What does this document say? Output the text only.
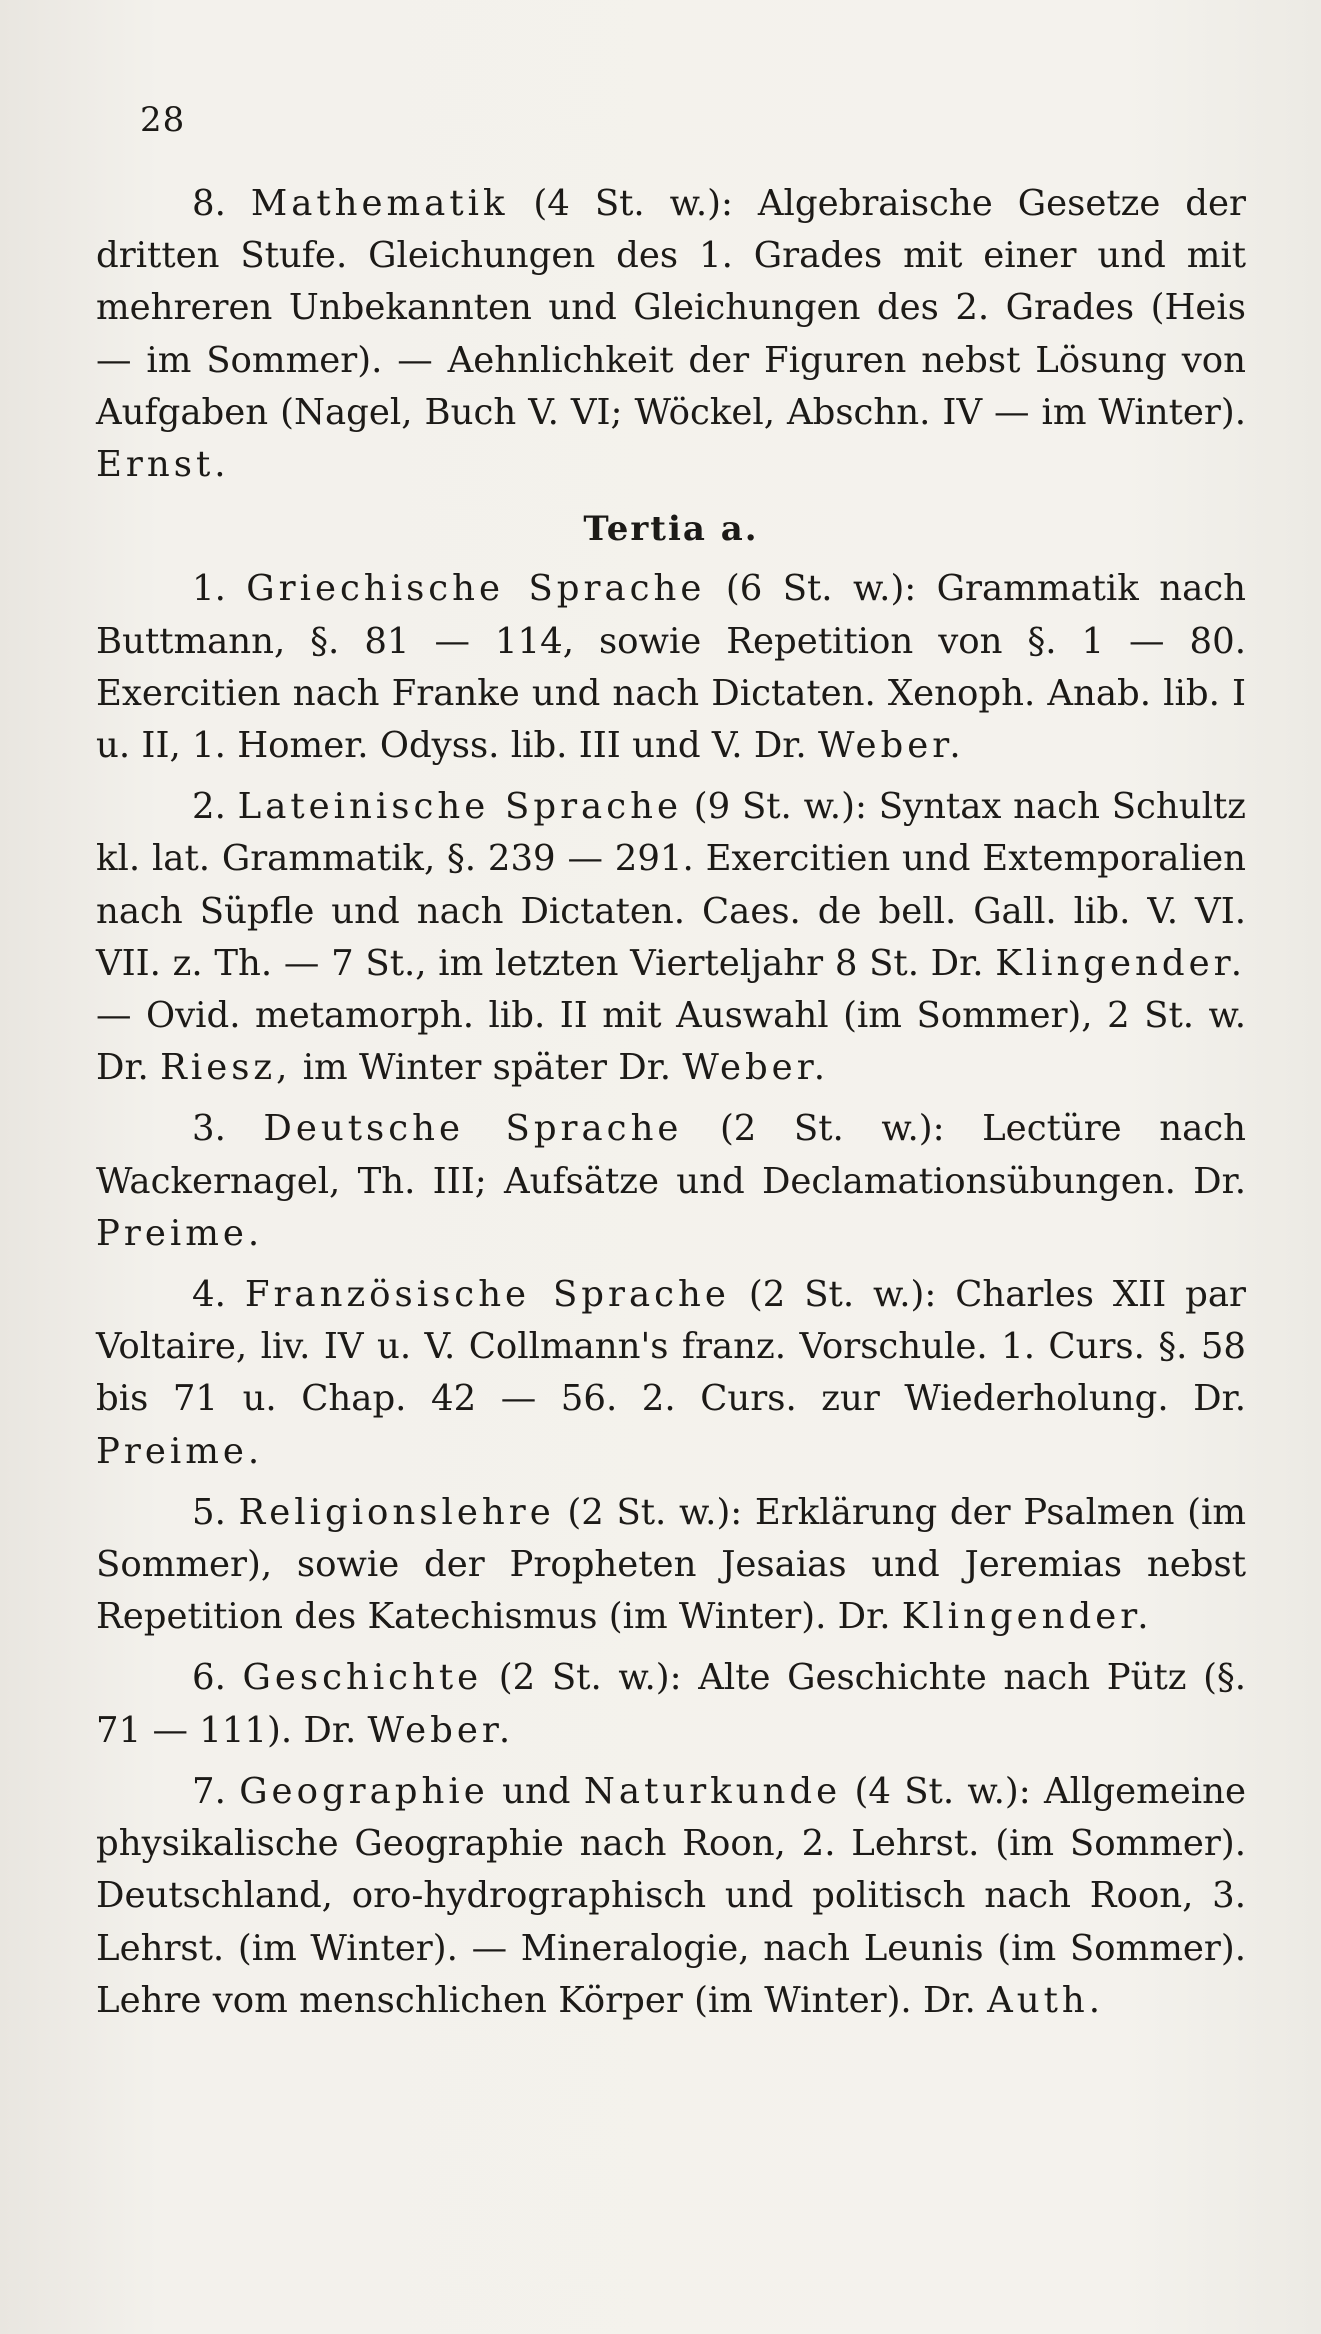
28

8. Mathematik (4 St. w.): Algebraische Gesetze der dritten Stufe. Gleichungen des 1. Grades mit einer und mit mehreren Unbekannten und Gleichungen des 2. Grades (Heis — im Sommer). — Aehnlichkeit der Figuren nebst Lösung von Aufgaben (Nagel, Buch V. VI; Wöckel, Abschn. IV — im Winter). Ernst.

Tertia a.

1. Griechische Sprache (6 St. w.): Grammatik nach Buttmann, §. 81 — 114, sowie Repetition von §. 1 — 80. Exercitien nach Franke und nach Dictaten. Xenoph. Anab. lib. I u. II, 1. Homer. Odyss. lib. III und V. Dr. Weber.

2. Lateinische Sprache (9 St. w.): Syntax nach Schultz kl. lat. Grammatik, §. 239 — 291. Exercitien und Extemporalien nach Süpfle und nach Dictaten. Caes. de bell. Gall. lib. V. VI. VII. z. Th. — 7 St., im letzten Vierteljahr 8 St. Dr. Klingender. — Ovid. metamorph. lib. II mit Auswahl (im Sommer), 2 St. w. Dr. Riesz, im Winter später Dr. Weber.

3. Deutsche Sprache (2 St. w.): Lectüre nach Wackernagel, Th. III; Aufsätze und Declamationsübungen. Dr. Preime.

4. Französische Sprache (2 St. w.): Charles XII par Voltaire, liv. IV u. V. Collmann's franz. Vorschule. 1. Curs. §. 58 bis 71 u. Chap. 42 — 56. 2. Curs. zur Wiederholung. Dr. Preime.

5. Religionslehre (2 St. w.): Erklärung der Psalmen (im Sommer), sowie der Propheten Jesaias und Jeremias nebst Repetition des Katechismus (im Winter). Dr. Klingender.

6. Geschichte (2 St. w.): Alte Geschichte nach Pütz (§. 71 — 111). Dr. Weber.

7. Geographie und Naturkunde (4 St. w.): Allgemeine physikalische Geographie nach Roon, 2. Lehrst. (im Sommer). Deutschland, oro-hydrographisch und politisch nach Roon, 3. Lehrst. (im Winter). — Mineralogie, nach Leunis (im Sommer). Lehre vom menschlichen Körper (im Winter). Dr. Auth.
